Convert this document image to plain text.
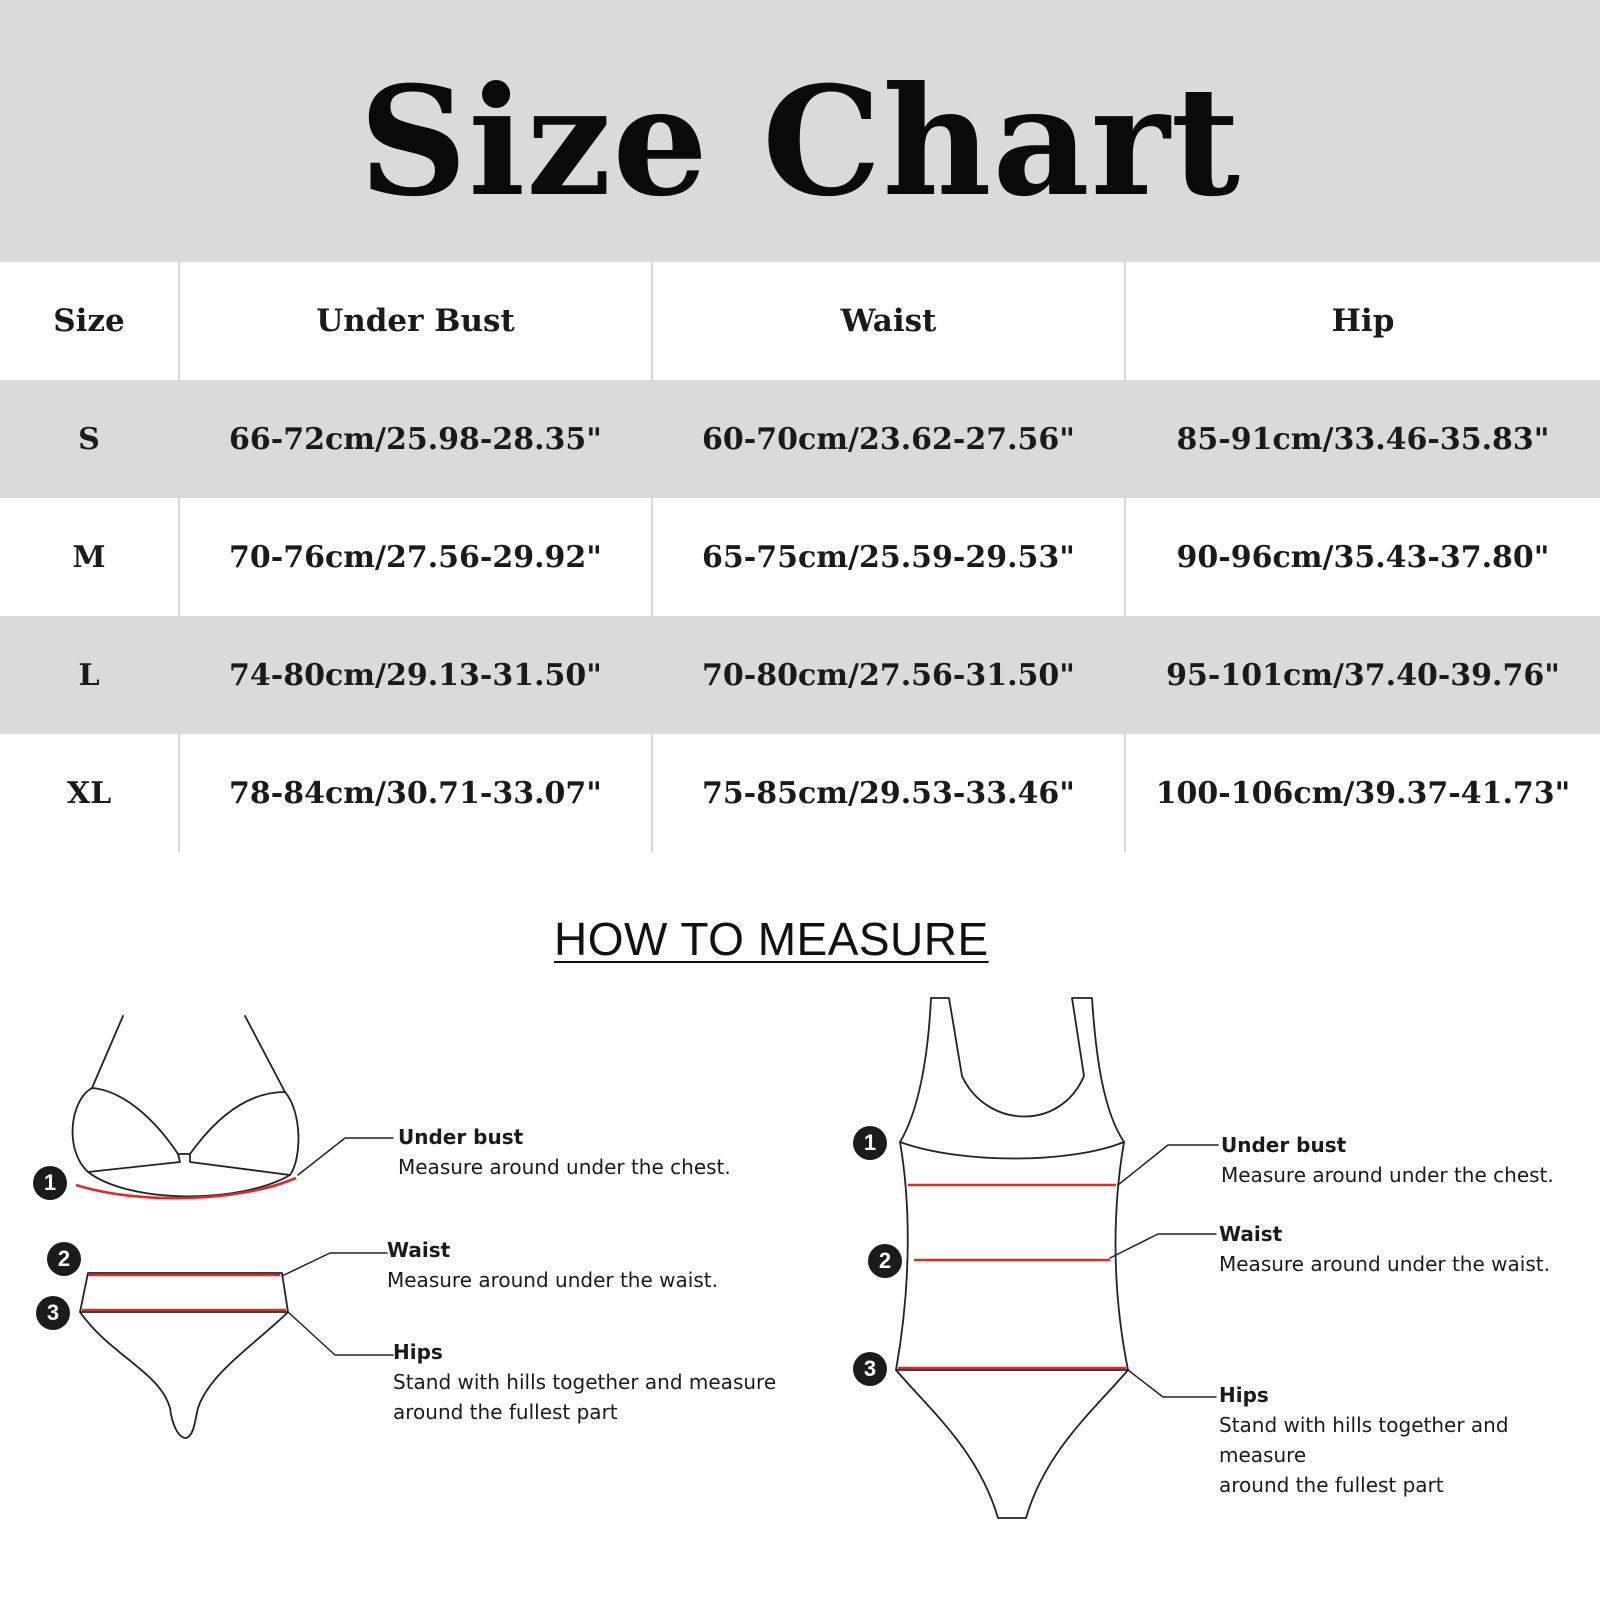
Size Chart
Size	Under Bust	Waist	Hip
S	66-72cm/25.98-28.35"	60-70cm/23.62-27.56"	85-91cm/33.46-35.83"
M	70-76cm/27.56-29.92"	65-75cm/25.59-29.53"	90-96cm/35.43-37.80"
L	74-80cm/29.13-31.50"	70-80cm/27.56-31.50"	95-101cm/37.40-39.76"
XL	78-84cm/30.71-33.07"	75-85cm/29.53-33.46"	100-106cm/39.37-41.73"
HOW TO MEASURE
1
2
3
1
2
3
Under bust
Measure around under the chest.
Waist
Measure around under the waist.
Hips
Stand with hills together and measure
around the fullest part
Under bust
Measure around under the chest.
Waist
Measure around under the waist.
Hips
Stand with hills together and measure
around the fullest part
